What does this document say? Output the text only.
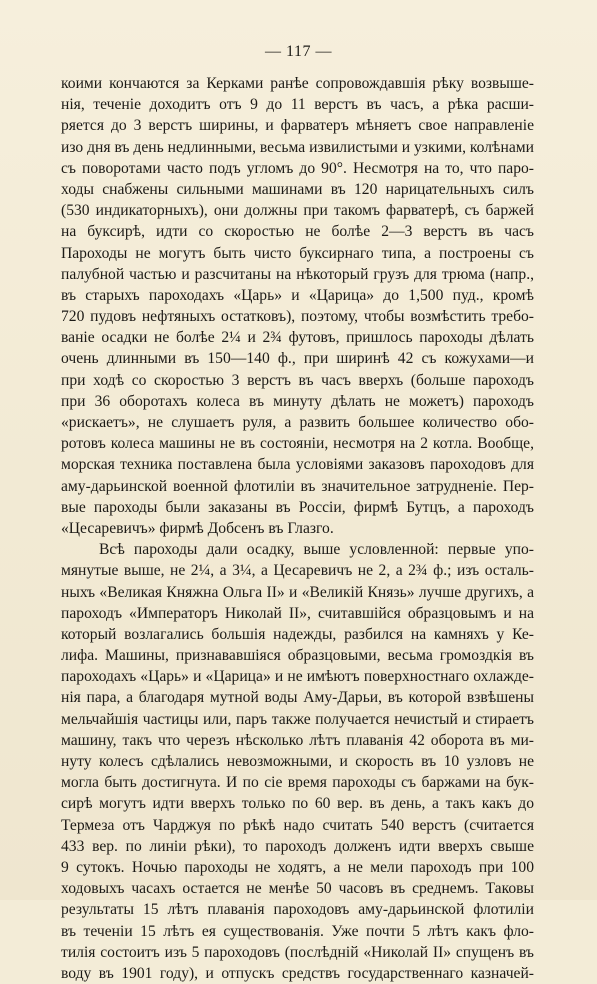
— 117 —
коими кончаются за Керками ранѣе сопровождавшiя рѣку возвыше-
нiя, теченiе доходитъ отъ 9 до 11 верстъ въ часъ, а рѣка расши-
ряется до 3 верстъ ширины, и фарватеръ мѣняетъ свое направленiе
изо дня въ день недлинными, весьма извилистыми и узкими, колѣнами
съ поворотами часто подъ угломъ до 90°. Несмотря на то, что паро-
ходы снабжены сильными машинами въ 120 нарицательныхъ силъ
(530 индикаторныхъ), они должны при такомъ фарватерѣ, съ баржей
на буксирѣ, идти со скоростью не болѣе 2—3 верстъ въ часъ
Пароходы не могутъ быть чисто буксирнаго типа, а построены съ
палубной частью и разсчитаны на нѣкоторый грузъ для трюма (напр.,
въ старыхъ пароходахъ «Царь» и «Царица» до 1,500 пуд., кромѣ
720 пудовъ нефтяныхъ остатковъ), поэтому, чтобы возмѣстить требо-
ванiе осадки не болѣе 2¼ и 2¾ футовъ, пришлось пароходы дѣлать
очень длинными въ 150—140 ф., при ширинѣ 42 съ кожухами—и
при ходѣ со скоростью 3 верстъ въ часъ вверхъ (больше пароходъ
при 36 оборотахъ колеса въ минуту дѣлать не можетъ) пароходъ
«рискаетъ», не слушаетъ руля, а развить большее количество обо-
ротовъ колеса машины не въ состоянiи, несмотря на 2 котла. Вообще,
морская техника поставлена была условiями заказовъ пароходовъ для
аму-дарьинской военной флотилiи въ значительное затрудненiе. Пер-
вые пароходы были заказаны въ Россiи, фирмѣ Бутцъ, а пароходъ
«Цесаревичъ» фирмѣ Добсенъ въ Глазго.
Всѣ пароходы дали осадку, выше условленной: первые упо-
мянутые выше, не 2¼, а 3¼, а Цесаревичъ не 2, а 2¾ ф.; изъ осталь-
ныхъ «Великая Княжна Ольга II» и «Великiй Князь» лучше другихъ, а
пароходъ «Императоръ Николай II», считавшiйся образцовымъ и на
который возлагались большiя надежды, разбился на камняхъ у Ке-
лифа. Машины, признававшiяся образцовыми, весьма громоздкiя въ
пароходахъ «Царь» и «Царица» и не имѣютъ поверхностнаго охлажде-
нiя пара, а благодаря мутной воды Аму-Дарьи, въ которой взвѣшены
мельчайшiя частицы или, паръ также получается нечистый и стираетъ
машину, такъ что черезъ нѣсколько лѣтъ плаванiя 42 оборота въ ми-
нуту колесъ сдѣлались невозможными, и скорость въ 10 узловъ не
могла быть достигнута. И по сiе время пароходы съ баржами на бук-
сирѣ могутъ идти вверхъ только по 60 вер. въ день, а такъ какъ до
Термеза отъ Чарджуя по рѣкѣ надо считать 540 верстъ (считается
433 вер. по линiи рѣки), то пароходъ долженъ идти вверхъ свыше
9 сутокъ. Ночью пароходы не ходятъ, а не мели пароходъ при 100
ходовыхъ часахъ остается не менѣе 50 часовъ въ среднемъ. Таковы
результаты 15 лѣтъ плаванiя пароходовъ аму-дарьинской флотилiи
въ теченiи 15 лѣтъ ея существованiя. Уже почти 5 лѣтъ какъ фло-
тилiя состоитъ изъ 5 пароходовъ (послѣднiй «Николай II» спущенъ въ
воду въ 1901 году), и отпускъ средствъ государственнаго казначей-
